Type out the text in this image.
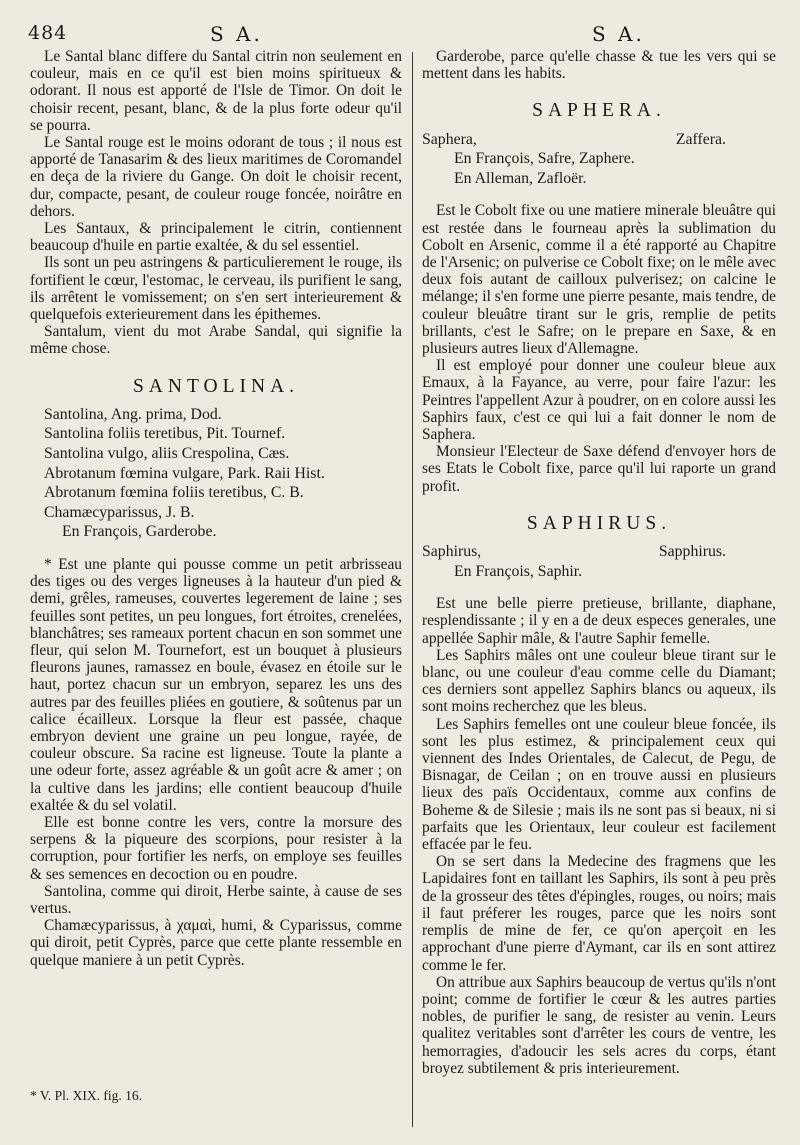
484	S A.	S A.

Le Santal blanc differe du Santal citrin non seulement en couleur, mais en ce qu'il est bien moins spiritueux & odorant. Il nous est apporté de l'Isle de Timor. On doit le choisir recent, pesant, blanc, & de la plus forte odeur qu'il se pourra.

Le Santal rouge est le moins odorant de tous ; il nous est apporté de Tanasarim & des lieux maritimes de Coromandel en deça de la riviere du Gange. On doit le choisir recent, dur, compacte, pesant, de couleur rouge foncée, noirâtre en dehors.

Les Santaux, & principalement le citrin, contiennent beaucoup d'huile en partie exaltée, & du sel essentiel.

Ils sont un peu astringens & particulierement le rouge, ils fortifient le cœur, l'estomac, le cerveau, ils purifient le sang, ils arrêtent le vomissement; on s'en sert interieurement & quelquefois exterieurement dans les épithemes.

Santalum, vient du mot Arabe Sandal, qui signifie la même chose.

SANTOLINA.

Santolina, Ang. prima, Dod.

Santolina foliis teretibus, Pit. Tournef.

Santolina vulgo, aliis Crespolina, Cæs.

Abrotanum fœmina vulgare, Park. Raii Hist.

Abrotanum fœmina foliis teretibus, C. B.

Chamæcyparissus, J. B.

En François, Garderobe.

* Est une plante qui pousse comme un petit arbrisseau des tiges ou des verges ligneuses à la hauteur d'un pied & demi, grêles, rameuses, couvertes legerement de laine ; ses feuilles sont petites, un peu longues, fort étroites, crenelées, blanchâtres; ses rameaux portent chacun en son sommet une fleur, qui selon M. Tournefort, est un bouquet à plusieurs fleurons jaunes, ramassez en boule, évasez en étoile sur le haut, portez chacun sur un embryon, separez les uns des autres par des feuilles pliées en goutiere, & soûtenus par un calice écailleux. Lorsque la fleur est passée, chaque embryon devient une graine un peu longue, rayée, de couleur obscure. Sa racine est ligneuse. Toute la plante a une odeur forte, assez agréable & un goût acre & amer ; on la cultive dans les jardins; elle contient beaucoup d'huile exaltée & du sel volatil.

Elle est bonne contre les vers, contre la morsure des serpens & la piqueure des scorpions, pour resister à la corruption, pour fortifier les nerfs, on employe ses feuilles & ses semences en decoction ou en poudre.

Santolina, comme qui diroit, Herbe sainte, à cause de ses vertus.

Chamæcyparissus, à χαμαὶ, humi, & Cyparissus, comme qui diroit, petit Cyprès, parce que cette plante ressemble en quelque maniere à un petit Cyprès.

* V. Pl. XIX. fig. 16.

Garderobe, parce qu'elle chasse & tue les vers qui se mettent dans les habits.

SAPHERA.
Saphera,	Zaffera.

En François, Safre, Zaphere.

En Alleman, Zafloër.

Est le Cobolt fixe ou une matiere minerale bleuâtre qui est restée dans le fourneau après la sublimation du Cobolt en Arsenic, comme il a été rapporté au Chapitre de l'Arsenic; on pulverise ce Cobolt fixe; on le mêle avec deux fois autant de cailloux pulverisez; on calcine le mélange; il s'en forme une pierre pesante, mais tendre, de couleur bleuâtre tirant sur le gris, remplie de petits brillants, c'est le Safre; on le prepare en Saxe, & en plusieurs autres lieux d'Allemagne.

Il est employé pour donner une couleur bleue aux Emaux, à la Fayance, au verre, pour faire l'azur: les Peintres l'appellent Azur à poudrer, on en colore aussi les Saphirs faux, c'est ce qui lui a fait donner le nom de Saphera.

Monsieur l'Electeur de Saxe défend d'envoyer hors de ses Etats le Cobolt fixe, parce qu'il lui raporte un grand profit.

SAPHIRUS.
Saphirus,	Sapphirus.

En François, Saphir.

Est une belle pierre pretieuse, brillante, diaphane, resplendissante ; il y en a de deux especes generales, une appellée Saphir mâle, & l'autre Saphir femelle.

Les Saphirs mâles ont une couleur bleue tirant sur le blanc, ou une couleur d'eau comme celle du Diamant; ces derniers sont appellez Saphirs blancs ou aqueux, ils sont moins recherchez que les bleus.

Les Saphirs femelles ont une couleur bleue foncée, ils sont les plus estimez, & principalement ceux qui viennent des Indes Orientales, de Calecut, de Pegu, de Bisnagar, de Ceilan ; on en trouve aussi en plusieurs lieux des païs Occidentaux, comme aux confins de Boheme & de Silesie ; mais ils ne sont pas si beaux, ni si parfaits que les Orientaux, leur couleur est facilement effacée par le feu.

On se sert dans la Medecine des fragmens que les Lapidaires font en taillant les Saphirs, ils sont à peu près de la grosseur des têtes d'épingles, rouges, ou noirs; mais il faut préferer les rouges, parce que les noirs sont remplis de mine de fer, ce qu'on aperçoit en les approchant d'une pierre d'Aymant, car ils en sont attirez comme le fer.

On attribue aux Saphirs beaucoup de vertus qu'ils n'ont point; comme de fortifier le cœur & les autres parties nobles, de purifier le sang, de resister au venin. Leurs qualitez veritables sont d'arrêter les cours de ventre, les hemorragies, d'adoucir les sels acres du corps, étant broyez subtilement & pris interieurement.
